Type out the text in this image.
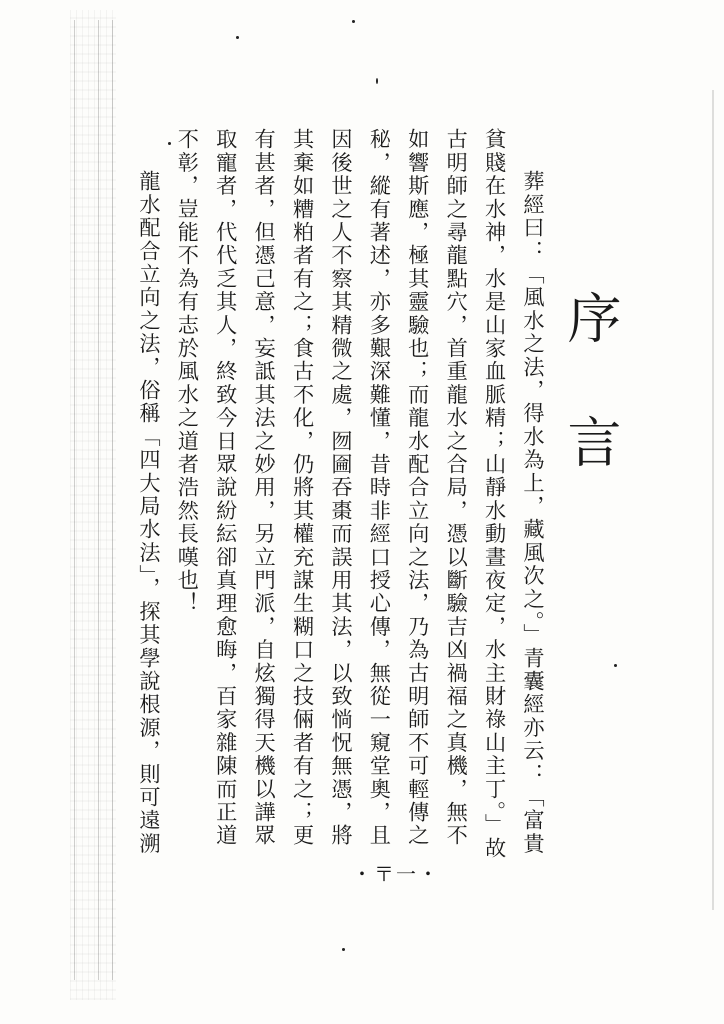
序言

葬經曰：「風水之法，得水為上，藏風次之。」青囊經亦云：「富貴貧賤在水神，水是山家血脈精；山靜水動晝夜定，水主財祿山主丁。」故古明師之尋龍點穴，首重龍水之合局，憑以斷驗吉凶禍福之真機，無不如響斯應，極其靈驗也；而龍水配合立向之法，乃為古明師不可輕傳之秘，縱有著述，亦多艱深難懂，昔時非經口授心傳，無從一窺堂奧，且因後世之人不察其精微之處，囫圇吞棗而誤用其法，以致惝怳無憑，將其棄如糟粕者有之；食古不化，仍將其權充謀生糊口之技倆者有之；更有甚者，但憑己意，妄詆其法之妙用，另立門派，自炫獨得天機以譁眾取寵者，代代乏其人，終致今日眾說紛紜卻真理愈晦，百家雜陳而正道不彰，豈能不為有志於風水之道者浩然長嘆也！

龍水配合立向之法，俗稱「四大局水法」，探其學說根源，則可遠溯

・〒一・
